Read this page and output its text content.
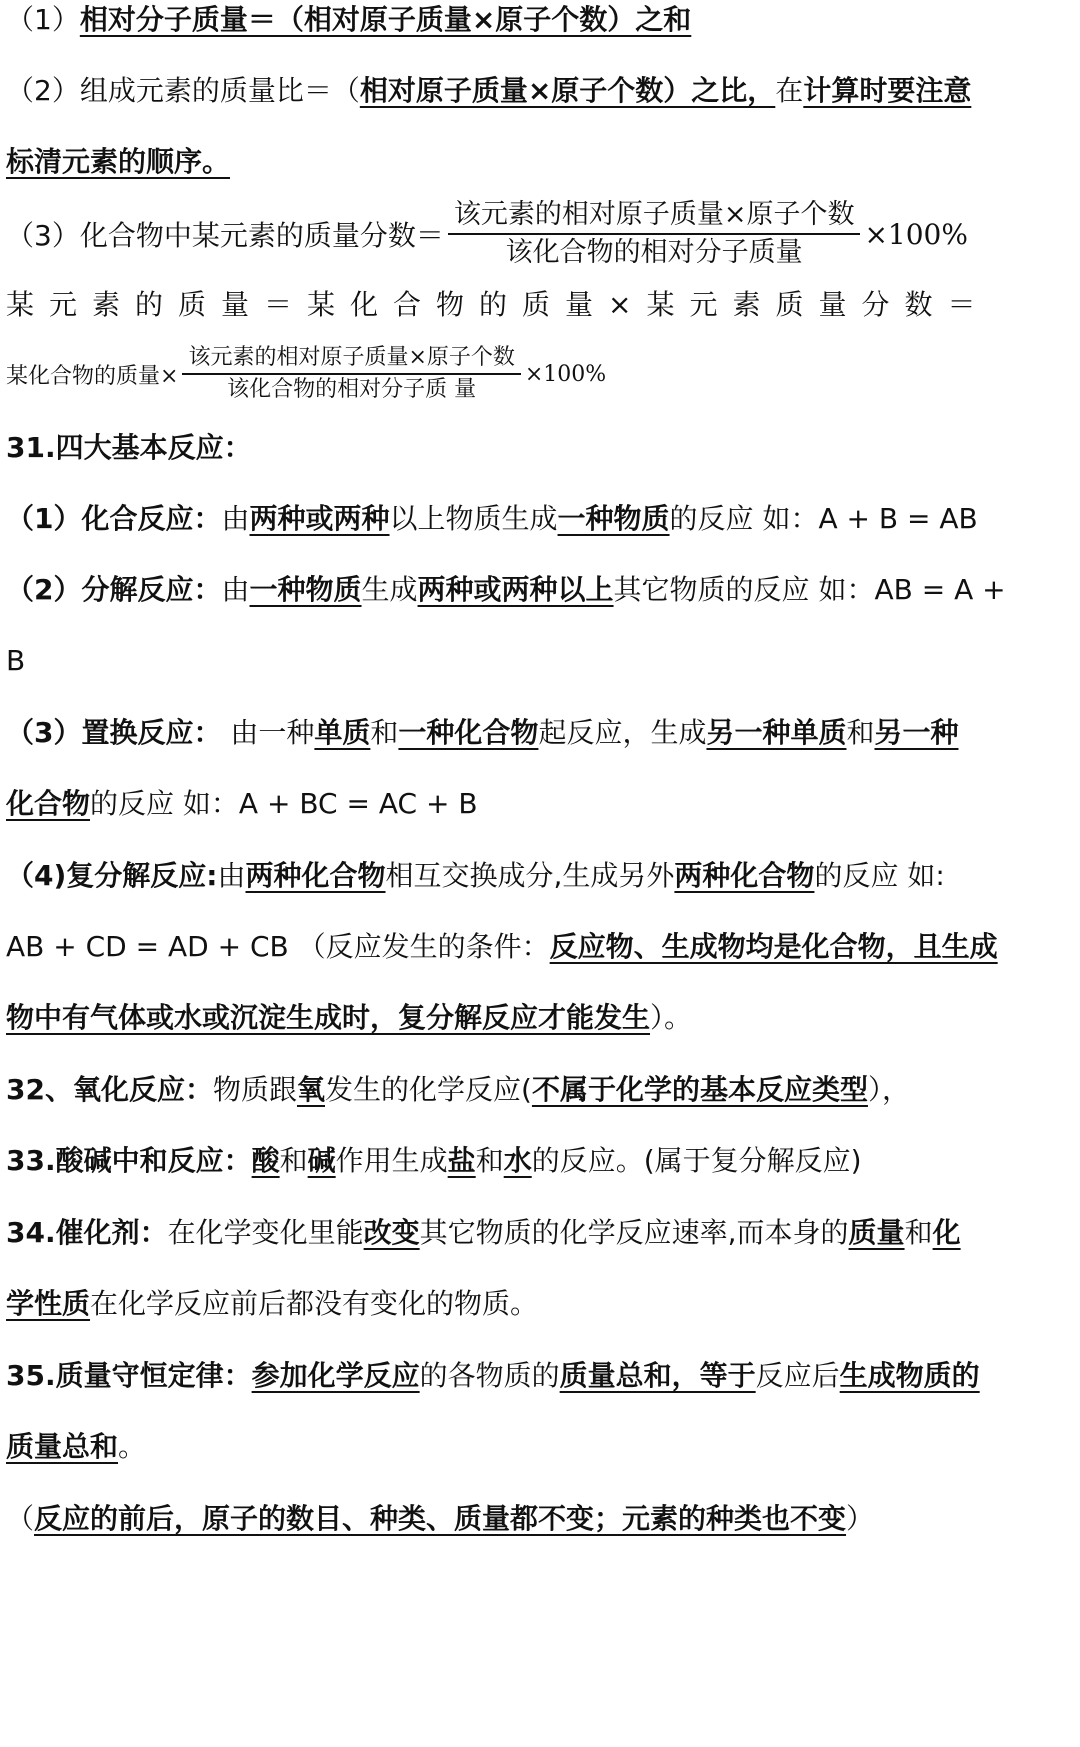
（1）相对分子质量＝（相对原子质量×原子个数）之和
（2）组成元素的质量比＝（相对原子质量×原子个数）之比，在计算时要注意
标清元素的顺序。
（3）化合物中某元素的质量分数＝ $\frac{\text{该元素的相对原子质量×原子个数}}{\text{该化合物的相对分子质量}} \times 100\%$
某元素的质量＝某化合物的质量×某元素质量分数＝
某化合物的质量× $\frac{\text{该元素的相对原子质量×原子个数}}{\text{该化合物的相对分子质 量}} \times 100\%$
31.四大基本反应：
（1）化合反应：由两种或两种以上物质生成一种物质的反应 如：A + B = AB
（2）分解反应：由一种物质生成两种或两种以上其它物质的反应 如：AB = A +
B
（3）置换反应： 由一种单质和一种化合物起反应，生成另一种单质和另一种
化合物的反应 如：A + BC = AC + B
（4)复分解反应:由两种化合物相互交换成分,生成另外两种化合物的反应 如:
AB + CD = AD + CB （反应发生的条件：反应物、生成物均是化合物，且生成
物中有气体或水或沉淀生成时，复分解反应才能发生）。
32、氧化反应：物质跟氧发生的化学反应(不属于化学的基本反应类型），
33.酸碱中和反应：酸和碱作用生成盐和水的反应。(属于复分解反应)
34.催化剂：在化学变化里能改变其它物质的化学反应速率,而本身的质量和化
学性质在化学反应前后都没有变化的物质。
35.质量守恒定律：参加化学反应的各物质的质量总和，等于反应后生成物质的
质量总和。
（反应的前后，原子的数目、种类、质量都不变；元素的种类也不变）
